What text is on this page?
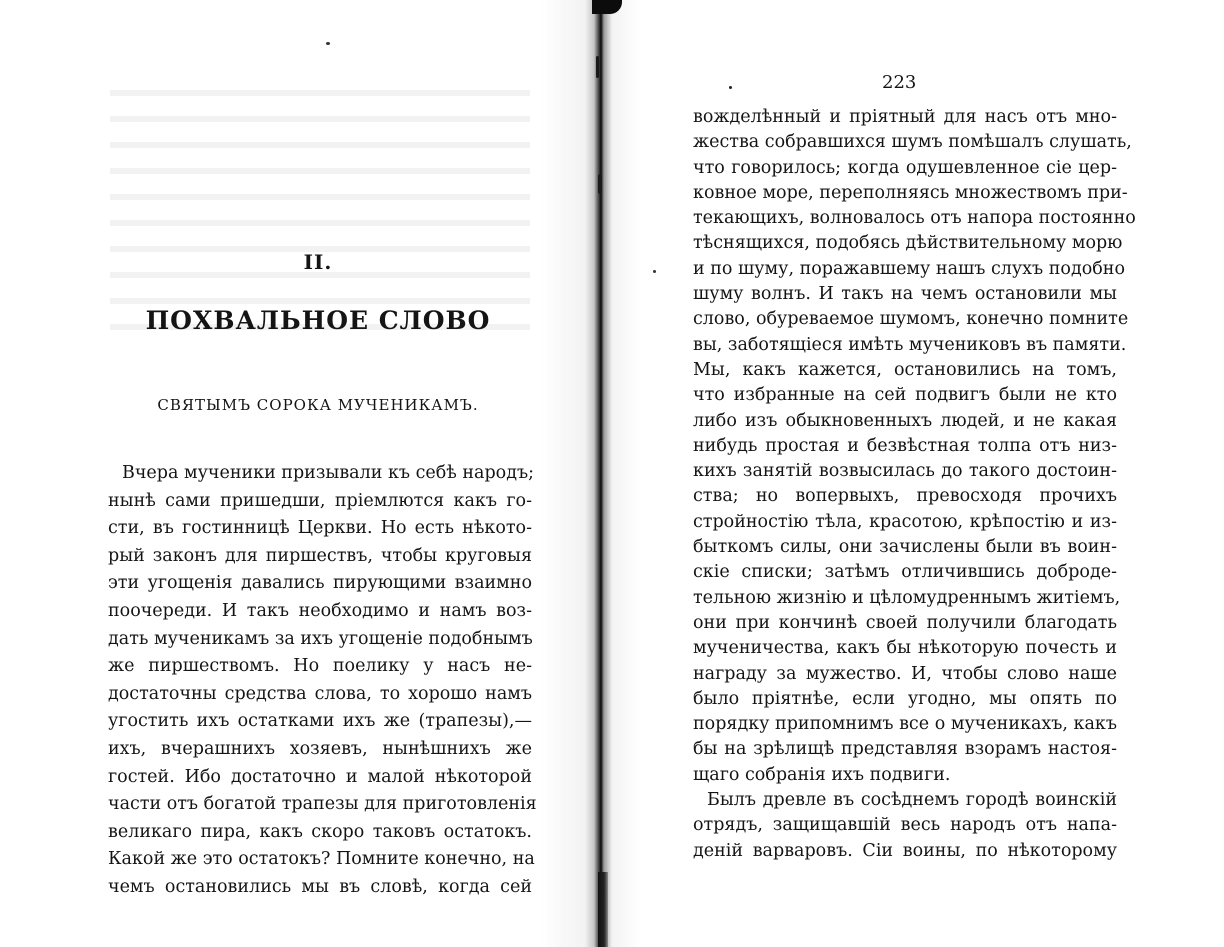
II.
ПОХВАЛЬНОЕ СЛОВО
СВЯТЫМЪ СОРОКА МУЧЕНИКАМЪ.
Вчера мученики призывали къ себѣ народъ;
нынѣ сами пришедши, пріемлются какъ го-
сти, въ гостинницѣ Церкви. Но есть нѣкото-
рый законъ для пиршествъ, чтобы круговыя
эти угощенія давались пирующими взаимно
поочереди. И такъ необходимо и намъ воз-
дать мученикамъ за ихъ угощеніе подобнымъ
же пиршествомъ. Но поелику у насъ не-
достаточны средства слова, то хорошо намъ
угостить ихъ остатками ихъ же (трапезы),—
ихъ, вчерашнихъ хозяевъ, нынѣшнихъ же
гостей. Ибо достаточно и малой нѣкоторой
части отъ богатой трапезы для приготовленія
великаго пира, какъ скоро таковъ остатокъ.
Какой же это остатокъ? Помните конечно, на
чемъ остановились мы въ словѣ, когда сей
223
вожделѣнный и пріятный для насъ отъ мно-
жества собравшихся шумъ помѣшалъ слушать,
что говорилось; когда одушевленное сіе цер-
ковное море, переполняясь множествомъ при-
текающихъ, волновалось отъ напора постоянно
тѣснящихся, подобясь дѣйствительному морю
и по шуму, поражавшему нашъ слухъ подобно
шуму волнъ. И такъ на чемъ остановили мы
слово, обуреваемое шумомъ, конечно помните
вы, заботящіеся имѣть мучениковъ въ памяти.
Мы, какъ кажется, остановились на томъ,
что избранные на сей подвигъ были не кто
либо изъ обыкновенныхъ людей, и не какая
нибудь простая и безвѣстная толпа отъ низ-
кихъ занятій возвысилась до такого достоин-
ства; но вопервыхъ, превосходя прочихъ
стройностію тѣла, красотою, крѣпостію и из-
быткомъ силы, они зачислены были въ воин-
скіе списки; затѣмъ отличившись доброде-
тельною жизнію и цѣломудреннымъ житіемъ,
они при кончинѣ своей получили благодать
мученичества, какъ бы нѣкоторую почесть и
награду за мужество. И, чтобы слово наше
было пріятнѣе, если угодно, мы опять по
порядку припомнимъ все о мученикахъ, какъ
бы на зрѣлищѣ представляя взорамъ настоя-
щаго собранія ихъ подвиги.
Былъ древле въ сосѣднемъ городѣ воинскій
отрядъ, защищавшій весь народъ отъ напа-
деній варваровъ. Сіи воины, по нѣкоторому
